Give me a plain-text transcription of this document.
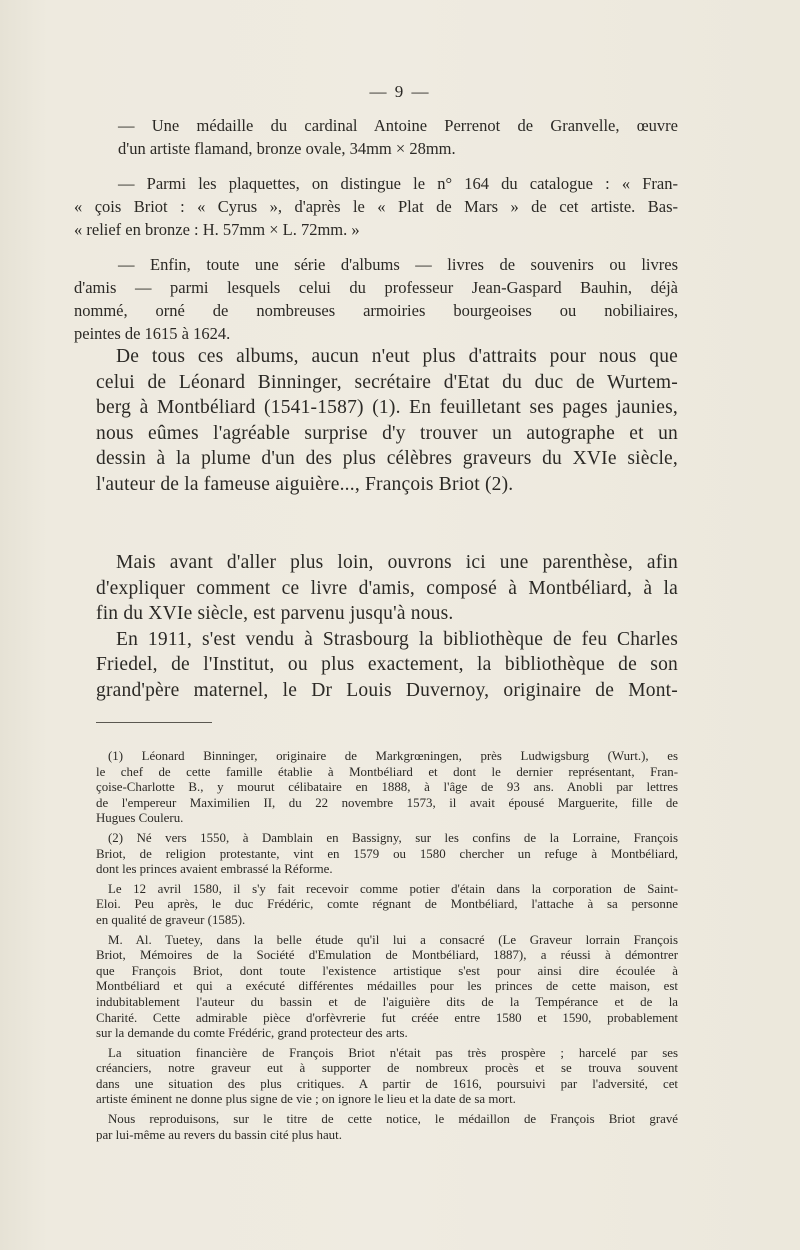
— 9 —
— Une médaille du cardinal Antoine Perrenot de Granvelle, œuvre
d'un artiste flamand, bronze ovale, 34mm × 28mm.
— Parmi les plaquettes, on distingue le n° 164 du catalogue : « Fran-
« çois Briot : « Cyrus », d'après le « Plat de Mars » de cet artiste. Bas-
« relief en bronze : H. 57mm × L. 72mm. »
— Enfin, toute une série d'albums — livres de souvenirs ou livres
d'amis — parmi lesquels celui du professeur Jean-Gaspard Bauhin, déjà
nommé, orné de nombreuses armoiries bourgeoises ou nobiliaires,
peintes de 1615 à 1624.
De tous ces albums, aucun n'eut plus d'attraits pour nous que
celui de Léonard Binninger, secrétaire d'Etat du duc de Wurtem-
berg à Montbéliard (1541-1587) (1). En feuilletant ses pages jaunies,
nous eûmes l'agréable surprise d'y trouver un autographe et un
dessin à la plume d'un des plus célèbres graveurs du XVIe siècle,
l'auteur de la fameuse aiguière..., François Briot (2).
Mais avant d'aller plus loin, ouvrons ici une parenthèse, afin
d'expliquer comment ce livre d'amis, composé à Montbéliard, à la
fin du XVIe siècle, est parvenu jusqu'à nous.
En 1911, s'est vendu à Strasbourg la bibliothèque de feu Charles
Friedel, de l'Institut, ou plus exactement, la bibliothèque de son
grand'père maternel, le Dr Louis Duvernoy, originaire de Mont-
(1) Léonard Binninger, originaire de Markgrœningen, près Ludwigsburg (Wurt.), es
le chef de cette famille établie à Montbéliard et dont le dernier représentant, Fran-
çoise-Charlotte B., y mourut célibataire en 1888, à l'âge de 93 ans. Anobli par lettres
de l'empereur Maximilien II, du 22 novembre 1573, il avait épousé Marguerite, fille de
Hugues Couleru.
(2) Né vers 1550, à Damblain en Bassigny, sur les confins de la Lorraine, François
Briot, de religion protestante, vint en 1579 ou 1580 chercher un refuge à Montbéliard,
dont les princes avaient embrassé la Réforme.
Le 12 avril 1580, il s'y fait recevoir comme potier d'étain dans la corporation de Saint-
Eloi. Peu après, le duc Frédéric, comte régnant de Montbéliard, l'attache à sa personne
en qualité de graveur (1585).
M. Al. Tuetey, dans la belle étude qu'il lui a consacré (Le Graveur lorrain François
Briot, Mémoires de la Société d'Emulation de Montbéliard, 1887), a réussi à démontrer
que François Briot, dont toute l'existence artistique s'est pour ainsi dire écoulée à
Montbéliard et qui a exécuté différentes médailles pour les princes de cette maison, est
indubitablement l'auteur du bassin et de l'aiguière dits de la Tempérance et de la
Charité. Cette admirable pièce d'orfèvrerie fut créée entre 1580 et 1590, probablement
sur la demande du comte Frédéric, grand protecteur des arts.
La situation financière de François Briot n'était pas très prospère ; harcelé par ses
créanciers, notre graveur eut à supporter de nombreux procès et se trouva souvent
dans une situation des plus critiques. A partir de 1616, poursuivi par l'adversité, cet
artiste éminent ne donne plus signe de vie ; on ignore le lieu et la date de sa mort.
Nous reproduisons, sur le titre de cette notice, le médaillon de François Briot gravé
par lui-même au revers du bassin cité plus haut.
